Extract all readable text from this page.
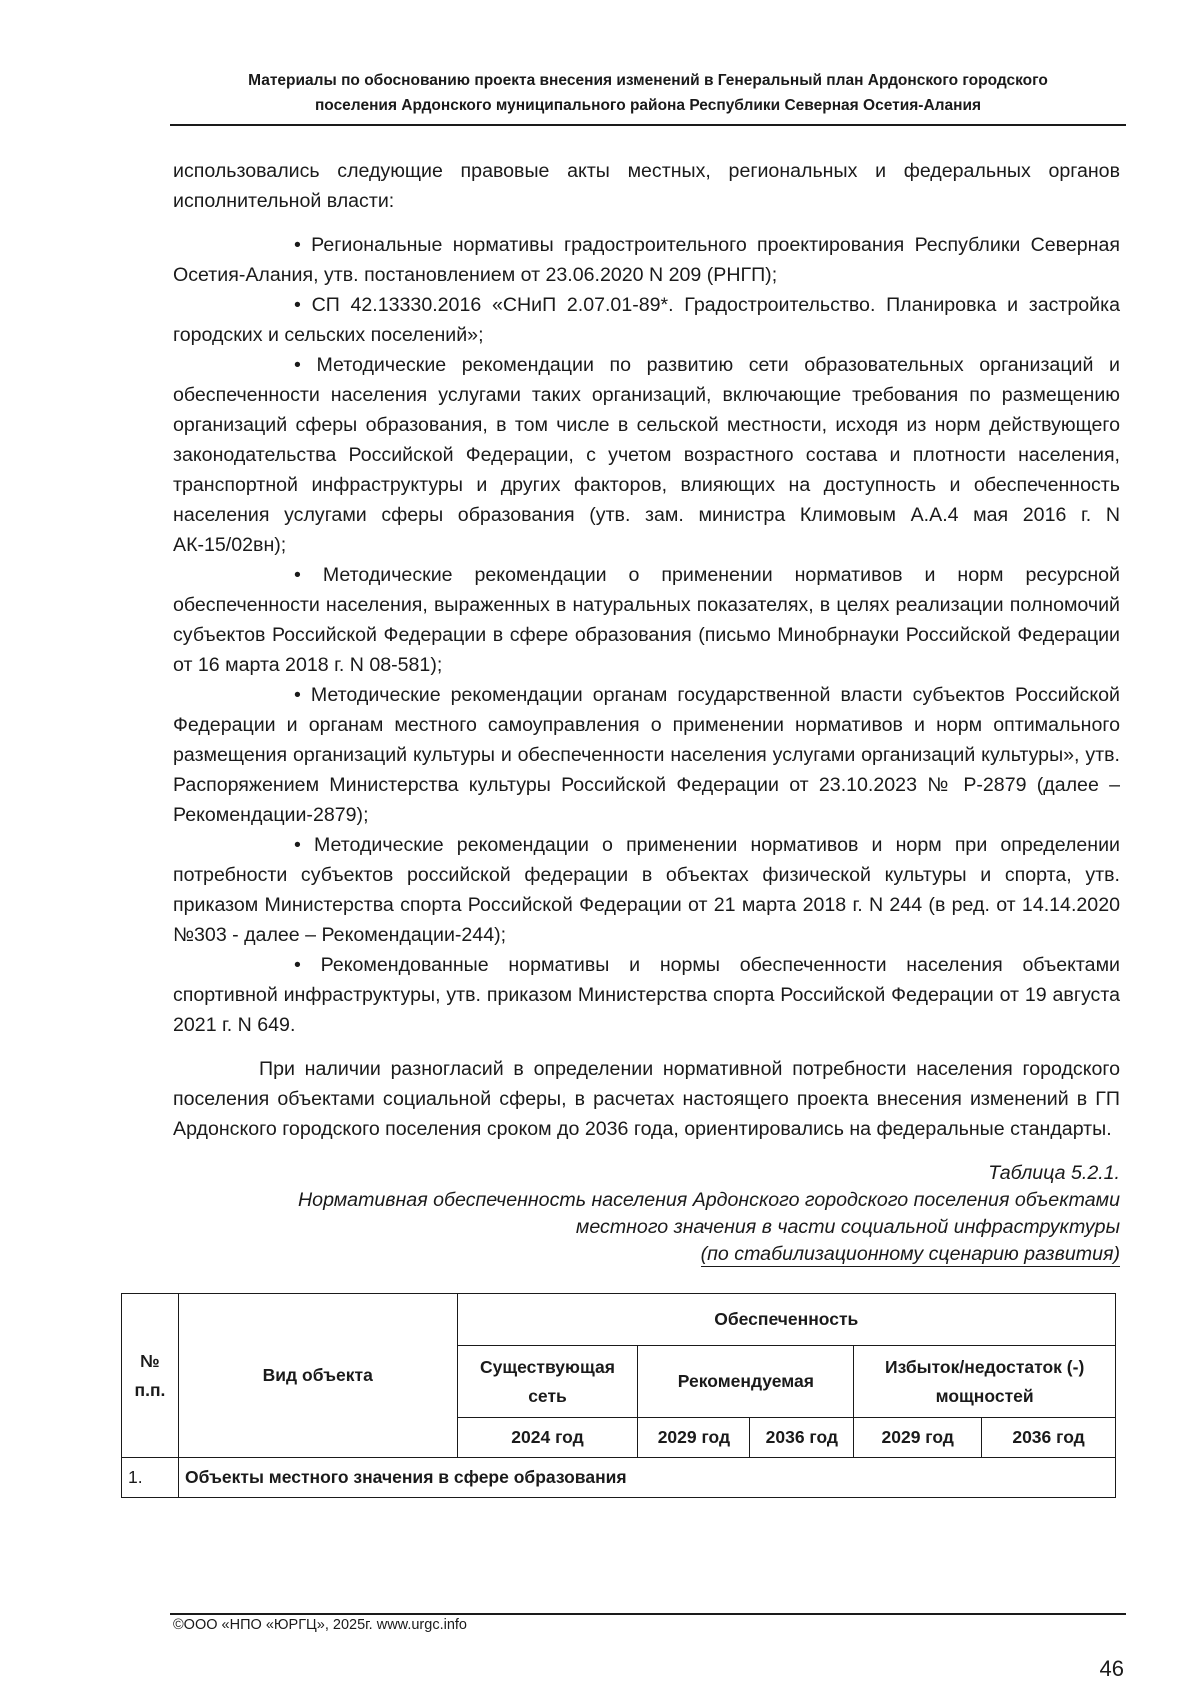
Материалы по обоснованию проекта внесения изменений в Генеральный план Ардонского городского
поселения Ардонского муниципального района Республики Северная Осетия-Алания

использовались следующие правовые акты местных, региональных и федеральных органов исполнительной власти:

• Региональные нормативы градостроительного проектирования Республики Северная Осетия-Алания, утв. постановлением от 23.06.2020 N 209 (РНГП);

• СП 42.13330.2016 «СНиП 2.07.01-89*. Градостроительство. Планировка и застройка городских и сельских поселений»;

• Методические рекомендации по развитию сети образовательных организаций и обеспеченности населения услугами таких организаций, включающие требования по размещению организаций сферы образования, в том числе в сельской местности, исходя из норм действующего законодательства Российской Федерации, с учетом возрастного состава и плотности населения, транспортной инфраструктуры и других факторов, влияющих на доступность и обеспеченность населения услугами сферы образования (утв. зам. министра Климовым А.А.4 мая 2016 г. N АК-15/02вн);

• Методические рекомендации о применении нормативов и норм ресурсной обеспеченности населения, выраженных в натуральных показателях, в целях реализации полномочий субъектов Российской Федерации в сфере образования (письмо Минобрнауки Российской Федерации от 16 марта 2018 г. N 08-581);

• Методические рекомендации органам государственной власти субъектов Российской Федерации и органам местного самоуправления о применении нормативов и норм оптимального размещения организаций культуры и обеспеченности населения услугами организаций культуры», утв. Распоряжением Министерства культуры Российской Федерации от 23.10.2023 № Р-2879 (далее – Рекомендации-2879);

• Методические рекомендации о применении нормативов и норм при определении потребности субъектов российской федерации в объектах физической культуры и спорта, утв. приказом Министерства спорта Российской Федерации от 21 марта 2018 г. N 244 (в ред. от 14.14.2020 №303 - далее – Рекомендации-244);

• Рекомендованные нормативы и нормы обеспеченности населения объектами спортивной инфраструктуры, утв. приказом Министерства спорта Российской Федерации от 19 августа 2021 г. N 649.

При наличии разногласий в определении нормативной потребности населения городского поселения объектами социальной сферы, в расчетах настоящего проекта внесения изменений в ГП Ардонского городского поселения сроком до 2036 года, ориентировались на федеральные стандарты.

Таблица 5.2.1.
Нормативная обеспеченность населения Ардонского городского поселения объектами
местного значения в части социальной инфраструктуры
(по стабилизационному сценарию развития)
№ п.п.	Вид объекта	Обеспеченность				
		Существующая сеть	Рекомендуемая		Избыток/недостаток (-) мощностей	
		2024 год	2029 год	2036 год	2029 год	2036 год
1.	Объекты местного значения в сфере образования					
©ООО «НПО «ЮРГЦ», 2025г. www.urgc.info
46
